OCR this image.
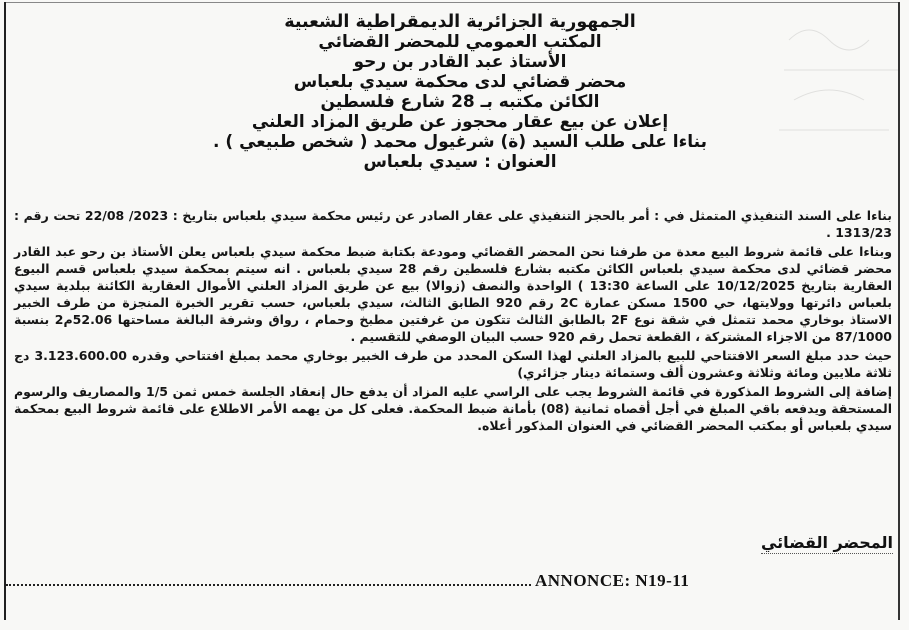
الجمهورية الجزائرية الديمقراطية الشعبية
المكتب العمومي للمحضر القضائي
الأستاذ عبد القادر بن رحو
محضر قضائي لدى محكمة سيدي بلعباس
الكائن مكتبه بـ 28 شارع فلسطين
إعلان عن بيع عقار محجوز عن طريق المزاد العلني
بناءا على طلب السيد (ة) شرغيول محمد ( شخص طبيعي ) .
العنوان : سيدي بلعباس

بناءا على السند التنفيذي المتمثل في : أمر بالحجز التنفيذي على عقار الصادر عن رئيس محكمة سيدي بلعباس بتاريخ : 2023/ 22/08 تحت رقم : 1313/23 .

وبناءا على قائمة شروط البيع معدة من طرفنا نحن المحضر القضائي ومودعة بكتابة ضبط محكمة سيدي بلعباس يعلن الأستاذ بن رحو عبد القادر محضر قضائي لدى محكمة سيدي بلعباس الكائن مكتبه بشارع فلسطين رقم 28 سيدي بلعباس . انه سيتم بمحكمة سيدي بلعباس قسم البيوع العقارية بتاريخ 10/12/2025 على الساعة 13:30 ) الواحدة والنصف (زوالا) بيع عن طريق المزاد العلني الأموال العقارية الكائنة ببلدية سيدي بلعباس دائرتها وولايتها، حي 1500 مسكن عمارة 2C رقم 920 الطابق الثالث، سيدي بلعباس، حسب تقرير الخبرة المنجزة من طرف الخبير الاستاذ بوخاري محمد تتمثل في شقة نوع 2F بالطابق الثالث تتكون من غرفتين مطبخ وحمام ، رواق وشرفة البالغة مساحتها 52.06م2 بنسبة 87/1000 من الاجزاء المشتركة ، القطعة تحمل رقم 920 حسب البيان الوصفي للتقسيم .

حيث حدد مبلغ السعر الافتتاحي للبيع بالمزاد العلني لهذا السكن المحدد من طرف الخبير بوخاري محمد بمبلغ افتتاحي وقدره 3.123.600.00 دج ثلاثة ملايين ومائة وثلاثة وعشرون ألف وستمائة دينار جزائري)

إضافة إلى الشروط المذكورة في قائمة الشروط يجب على الراسي عليه المزاد أن يدفع حال إنعقاد الجلسة خمس ثمن 1/5 والمصاريف والرسوم المستحقة ويدفعه باقي المبلغ في أجل أقصاه ثمانية (08) بأمانة ضبط المحكمة. فعلى كل من يهمه الأمر الاطلاع على قائمة شروط البيع بمحكمة سيدي بلعباس أو بمكتب المحضر القضائي في العنوان المذكور أعلاه.

المحضر القضائي
ANNONCE: N19-11
